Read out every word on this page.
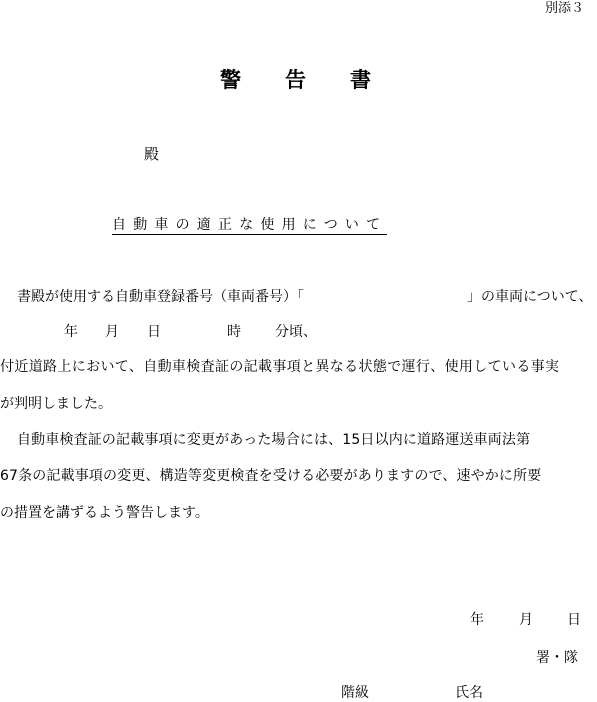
別添３
警 告 書
殿
自動車の適正な使用について
書殿が使用する自動車登録番号（車両番号）「	」の車両について、
年 月 日	時 分頃、
付近道路上において、自動車検査証の記載事項と異なる状態で運行、使用している事実
が判明しました。
自動車検査証の記載事項に変更があった場合には、15日以内に道路運送車両法第
67条の記載事項の変更、構造等変更検査を受ける必要がありますので、速やかに所要
の措置を講ずるよう警告します。
年	月 日
署・隊
階級	氏名
